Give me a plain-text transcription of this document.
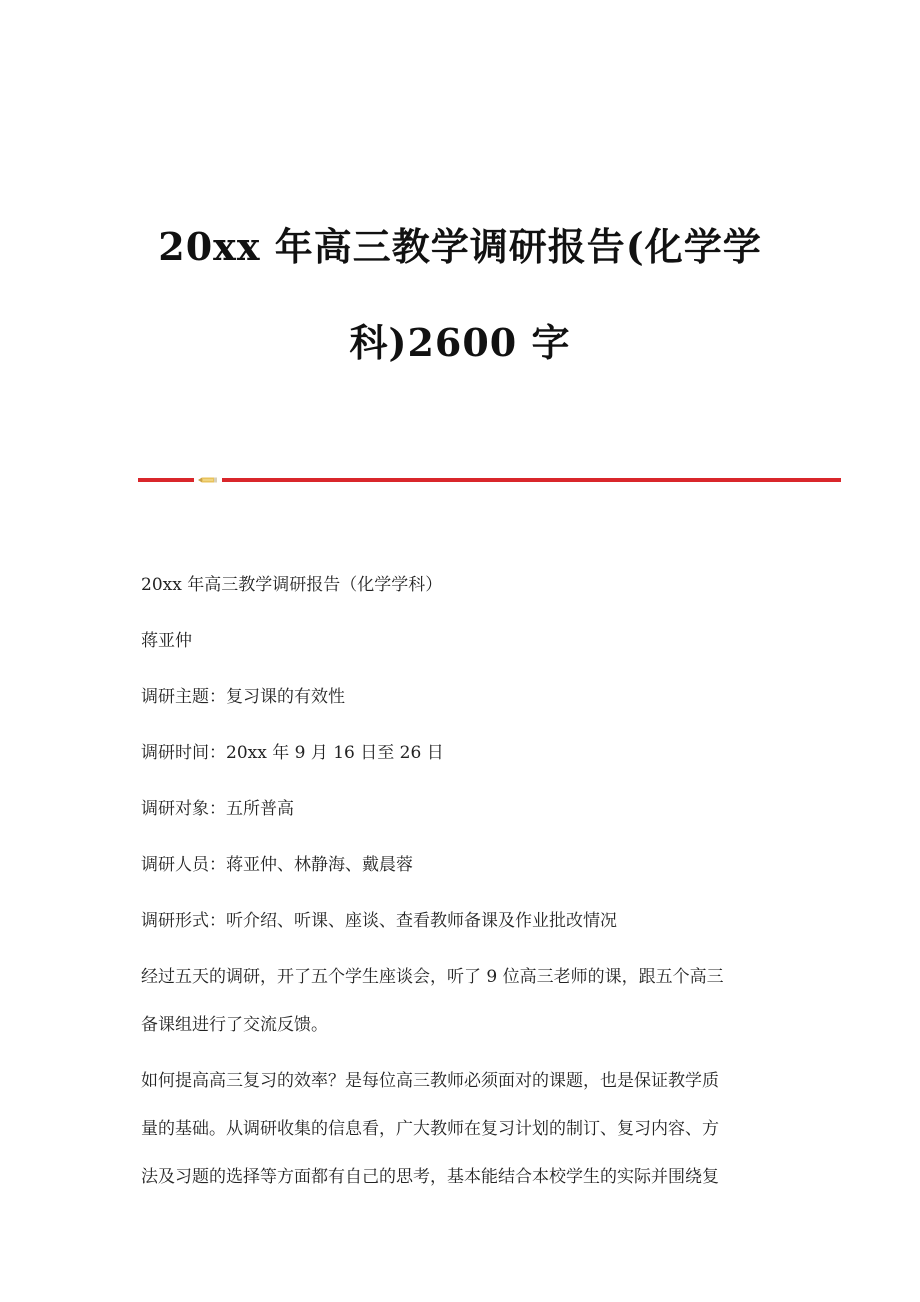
20xx 年高三教学调研报告(化学学
科)2600 字
20xx 年高三教学调研报告（化学学科）
蒋亚仲
调研主题：复习课的有效性
调研时间：20xx 年 9 月 16 日至 26 日
调研对象：五所普高
调研人员：蒋亚仲、林静海、戴晨蓉
调研形式：听介绍、听课、座谈、查看教师备课及作业批改情况
经过五天的调研，开了五个学生座谈会，听了 9 位高三老师的课，跟五个高三
备课组进行了交流反馈。
如何提高高三复习的效率？是每位高三教师必须面对的课题，也是保证教学质
量的基础。从调研收集的信息看，广大教师在复习计划的制订、复习内容、方
法及习题的选择等方面都有自己的思考，基本能结合本校学生的实际并围绕复
